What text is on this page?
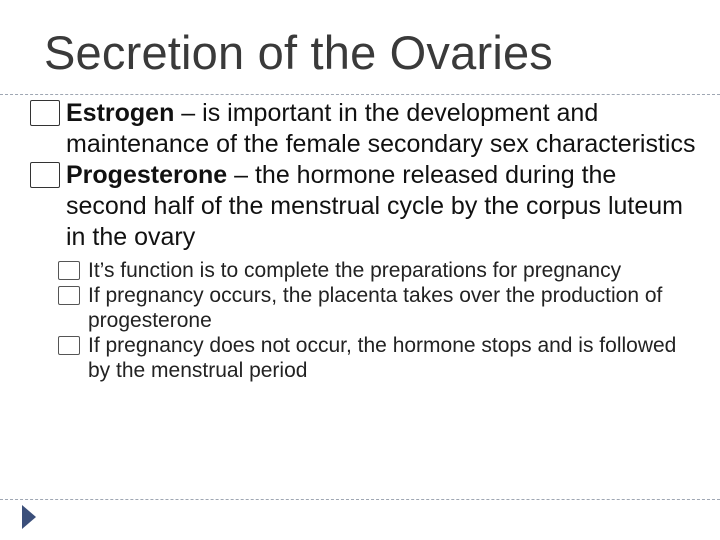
Secretion of the Ovaries
Estrogen – is important in the development and maintenance of the female secondary sex characteristics
Progesterone – the hormone released during the second half of the menstrual cycle by the corpus luteum in the ovary
It’s function is to complete the preparations for pregnancy
If pregnancy occurs, the placenta takes over the production of progesterone
If pregnancy does not occur, the hormone stops and is followed by the menstrual period
